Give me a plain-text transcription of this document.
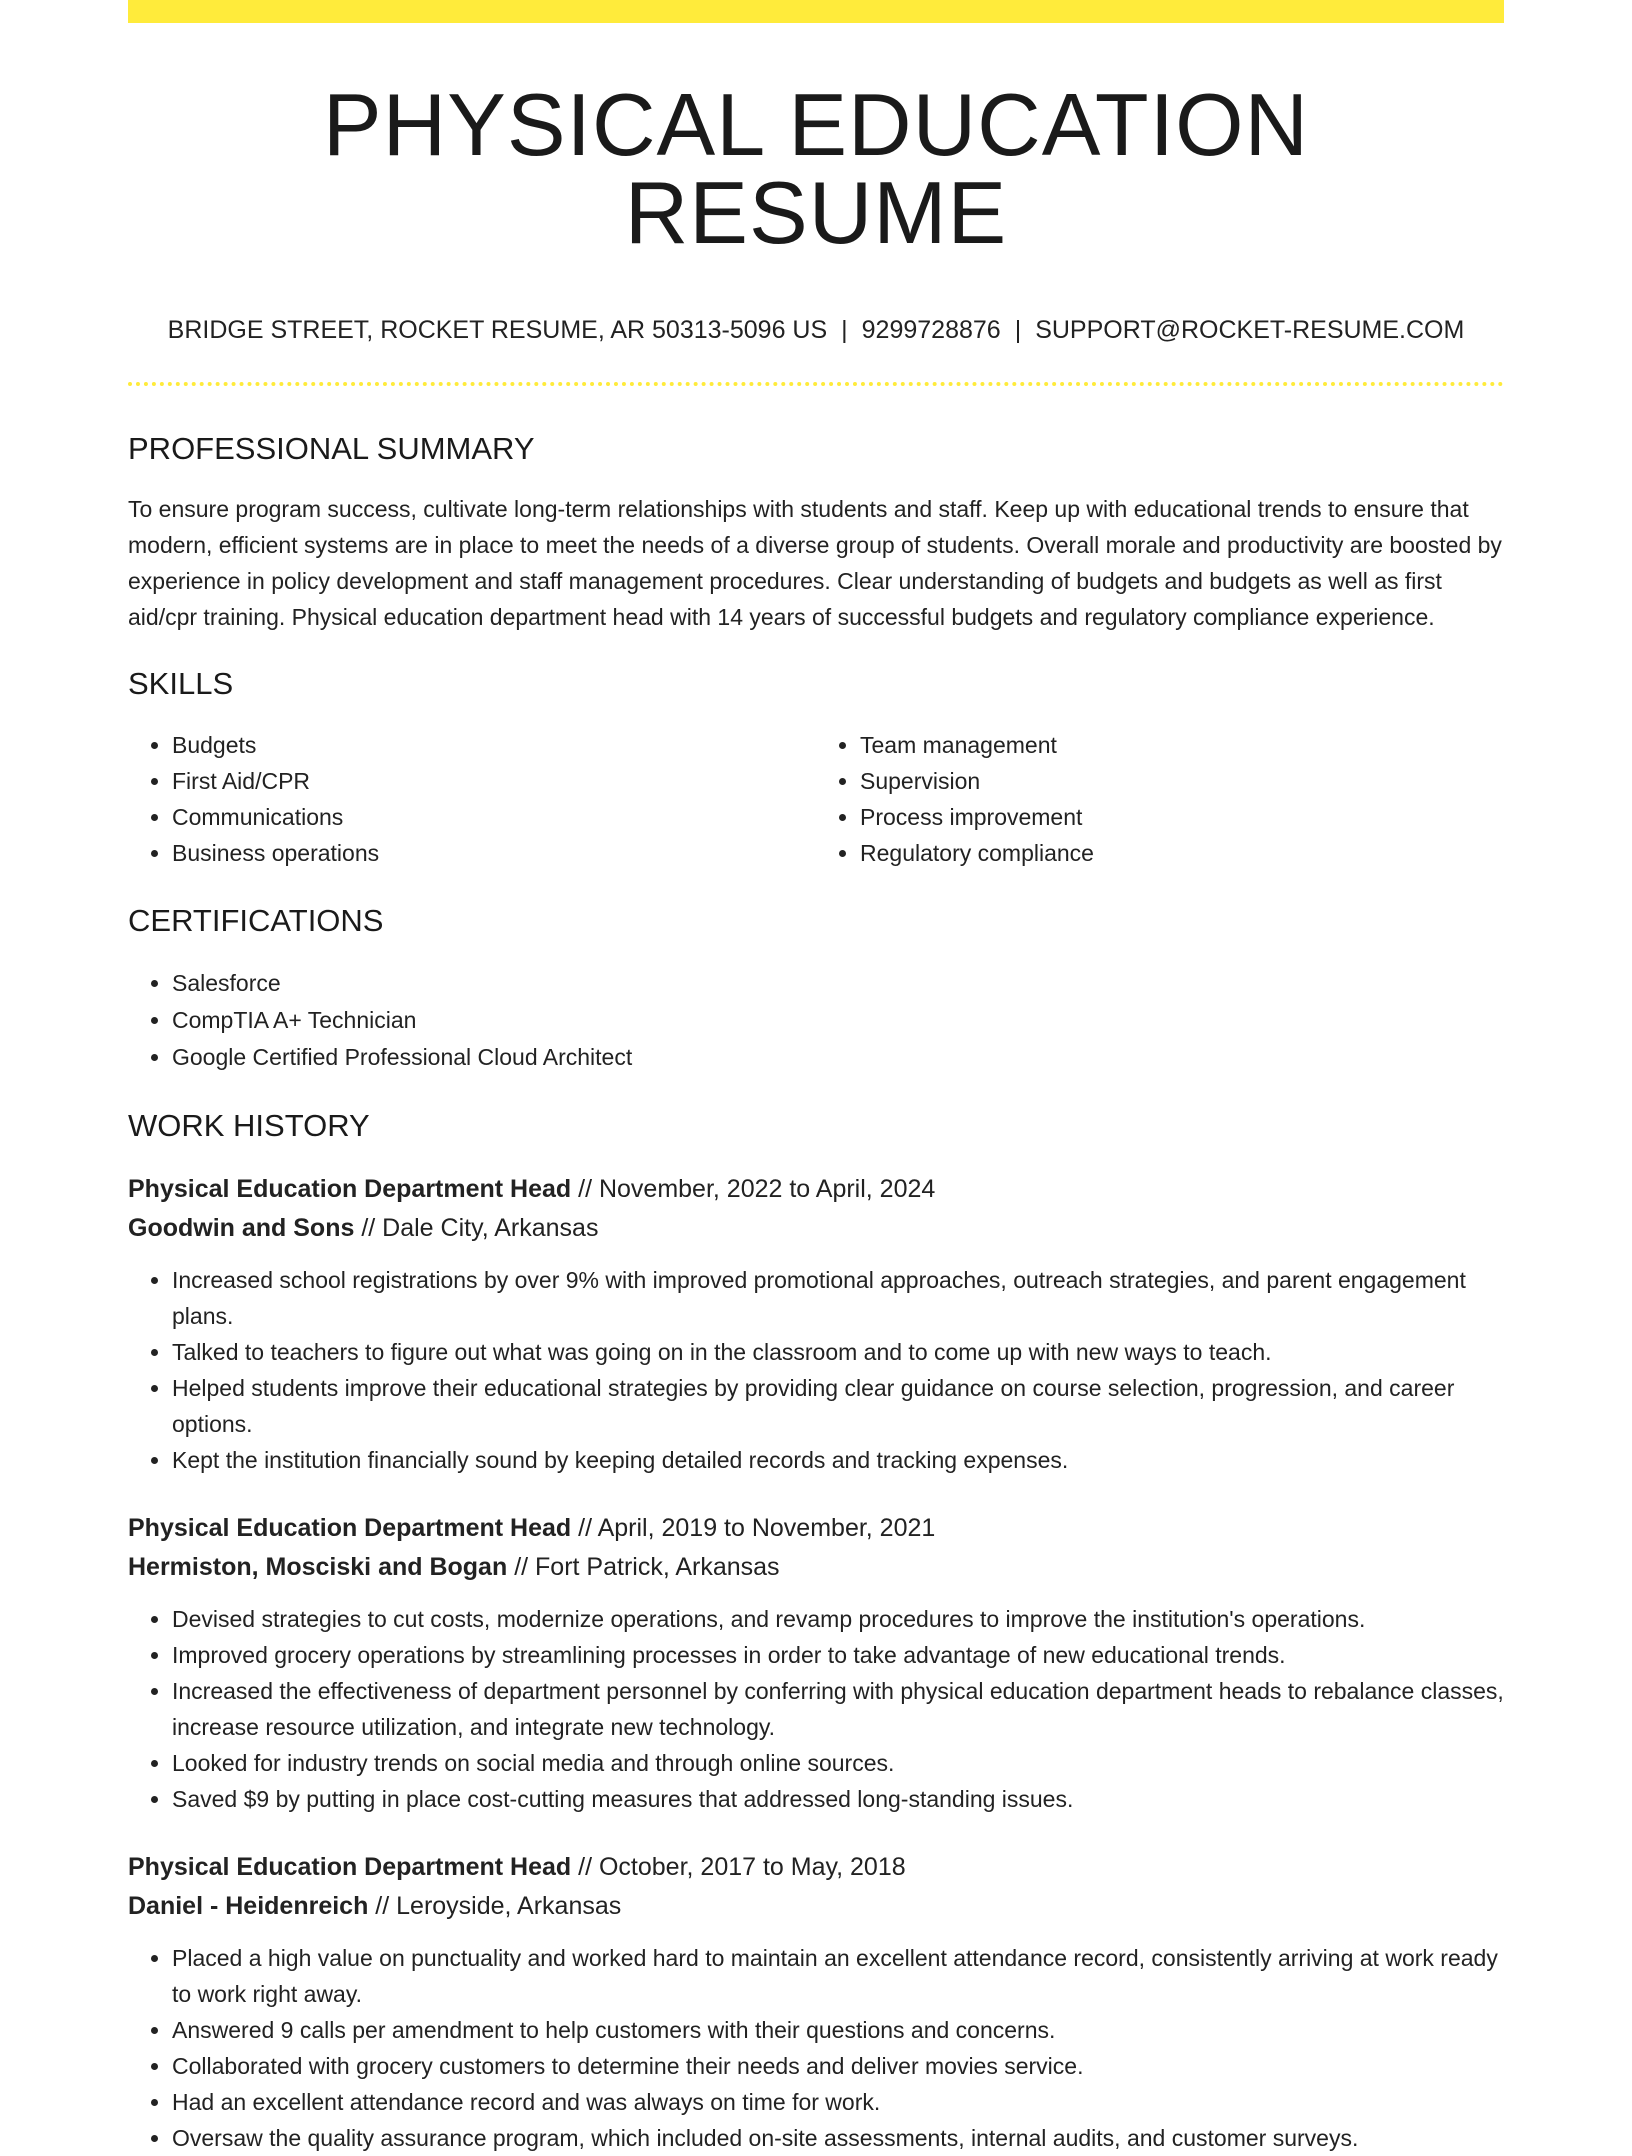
PHYSICAL EDUCATION RESUME
BRIDGE STREET, ROCKET RESUME, AR 50313-5096 US | 9299728876 | SUPPORT@ROCKET-RESUME.COM
PROFESSIONAL SUMMARY

To ensure program success, cultivate long-term relationships with students and staff. Keep up with educational trends to ensure that modern, efficient systems are in place to meet the needs of a diverse group of students. Overall morale and productivity are boosted by experience in policy development and staff management procedures. Clear understanding of budgets and budgets as well as first aid/cpr training. Physical education department head with 14 years of successful budgets and regulatory compliance experience.

SKILLS
• Budgets
• First Aid/CPR
• Communications
• Business operations
• Team management
• Supervision
• Process improvement
• Regulatory compliance
CERTIFICATIONS
• Salesforce
• CompTIA A+ Technician
• Google Certified Professional Cloud Architect
WORK HISTORY
Physical Education Department Head // November, 2022 to April, 2024
Goodwin and Sons // Dale City, Arkansas
• Increased school registrations by over 9% with improved promotional approaches, outreach strategies, and parent engagement plans.
• Talked to teachers to figure out what was going on in the classroom and to come up with new ways to teach.
• Helped students improve their educational strategies by providing clear guidance on course selection, progression, and career options.
• Kept the institution financially sound by keeping detailed records and tracking expenses.
Physical Education Department Head // April, 2019 to November, 2021
Hermiston, Mosciski and Bogan // Fort Patrick, Arkansas
• Devised strategies to cut costs, modernize operations, and revamp procedures to improve the institution's operations.
• Improved grocery operations by streamlining processes in order to take advantage of new educational trends.
• Increased the effectiveness of department personnel by conferring with physical education department heads to rebalance classes, increase resource utilization, and integrate new technology.
• Looked for industry trends on social media and through online sources.
• Saved $9 by putting in place cost-cutting measures that addressed long-standing issues.
Physical Education Department Head // October, 2017 to May, 2018
Daniel - Heidenreich // Leroyside, Arkansas
• Placed a high value on punctuality and worked hard to maintain an excellent attendance record, consistently arriving at work ready to work right away.
• Answered 9 calls per amendment to help customers with their questions and concerns.
• Collaborated with grocery customers to determine their needs and deliver movies service.
• Had an excellent attendance record and was always on time for work.
• Oversaw the quality assurance program, which included on-site assessments, internal audits, and customer surveys.
